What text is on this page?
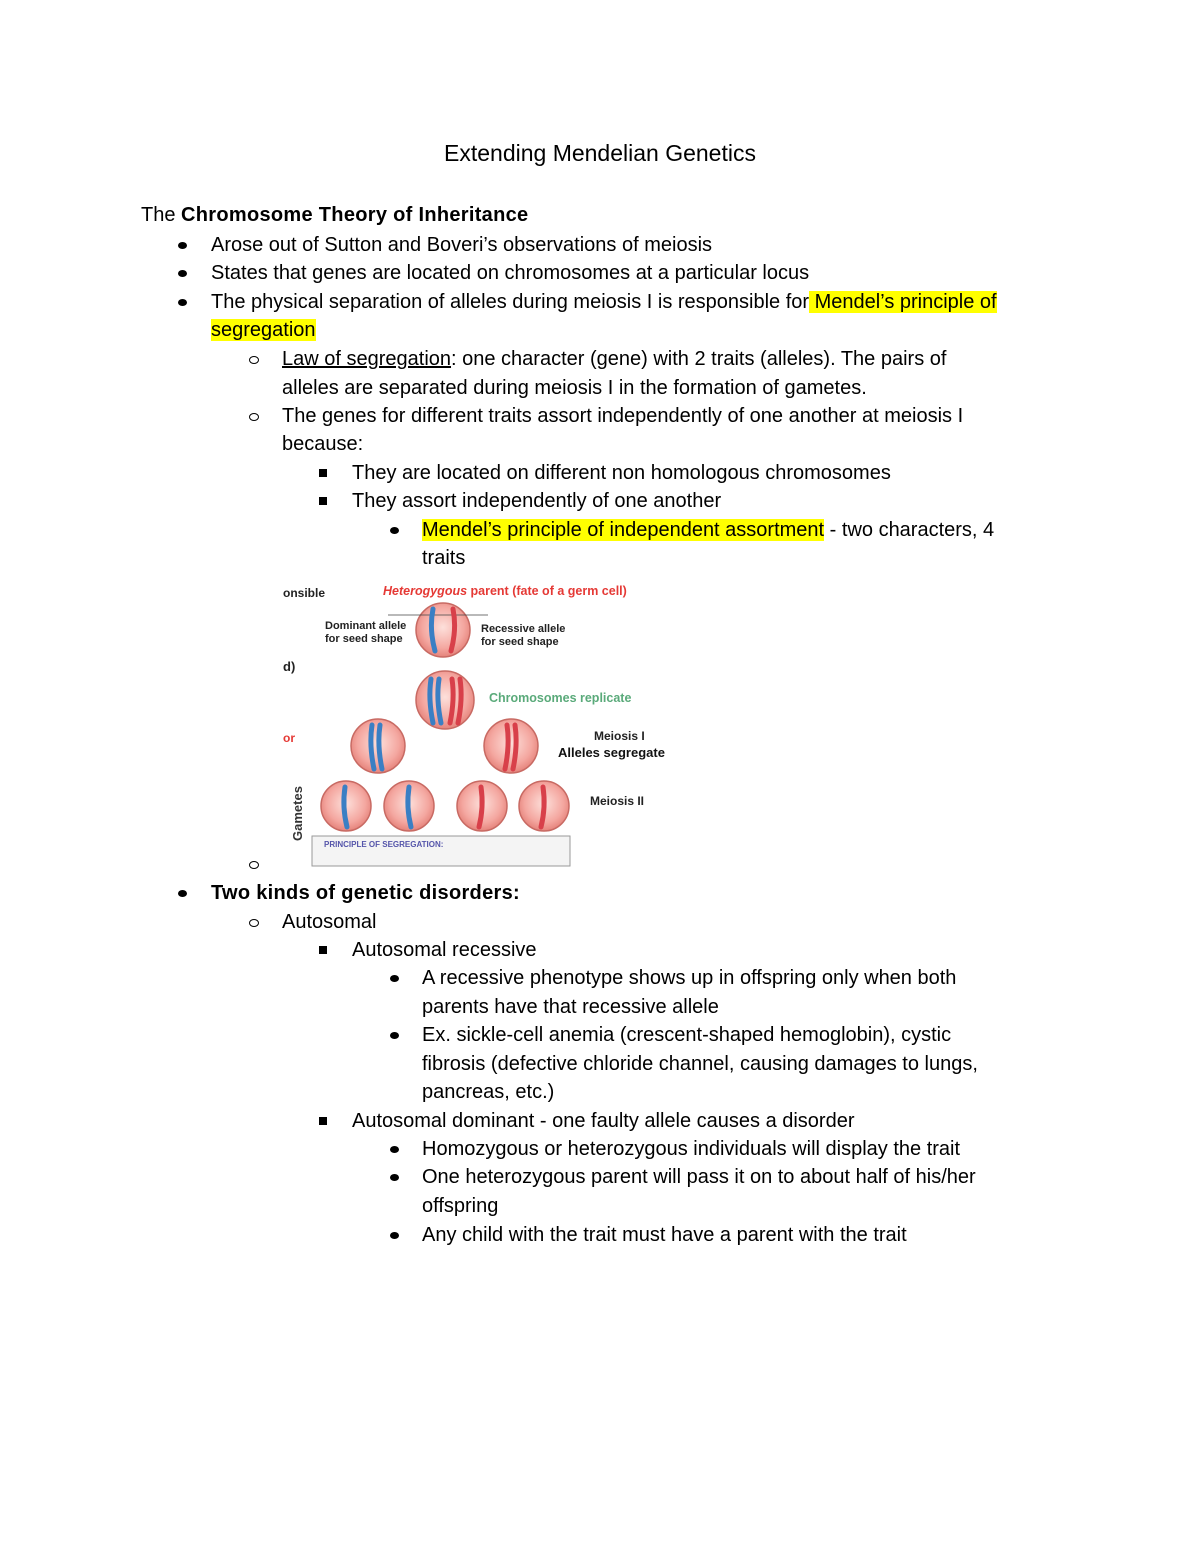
Extending Mendelian Genetics

The Chromosome Theory of Inheritance

Arose out of Sutton and Boveri’s observations of meiosis
States that genes are located on chromosomes at a particular locus
The physical separation of alleles during meiosis I is responsible for Mendel’s principle of
segregation
Law of segregation: one character (gene) with 2 traits (alleles). The pairs of
alleles are separated during meiosis I in the formation of gametes.
The genes for different traits assort independently of one another at meiosis I
because:
They are located on different non homologous chromosomes
They assort independently of one another
Mendel’s principle of independent assortment - two characters, 4
traits
onsible
d)
or
Heterogygous parent (fate of a germ cell)
Dominant allele
for seed shape
Recessive allele
for seed shape
Chromosomes replicate
Meiosis I
Alleles segregate
Meiosis II
Gametes
PRINCIPLE OF SEGREGATION:
Two kinds of genetic disorders:
Autosomal
Autosomal recessive
A recessive phenotype shows up in offspring only when both
parents have that recessive allele
Ex. sickle-cell anemia (crescent-shaped hemoglobin), cystic
fibrosis (defective chloride channel, causing damages to lungs,
pancreas, etc.)
Autosomal dominant - one faulty allele causes a disorder
Homozygous or heterozygous individuals will display the trait
One heterozygous parent will pass it on to about half of his/her
offspring
Any child with the trait must have a parent with the trait
